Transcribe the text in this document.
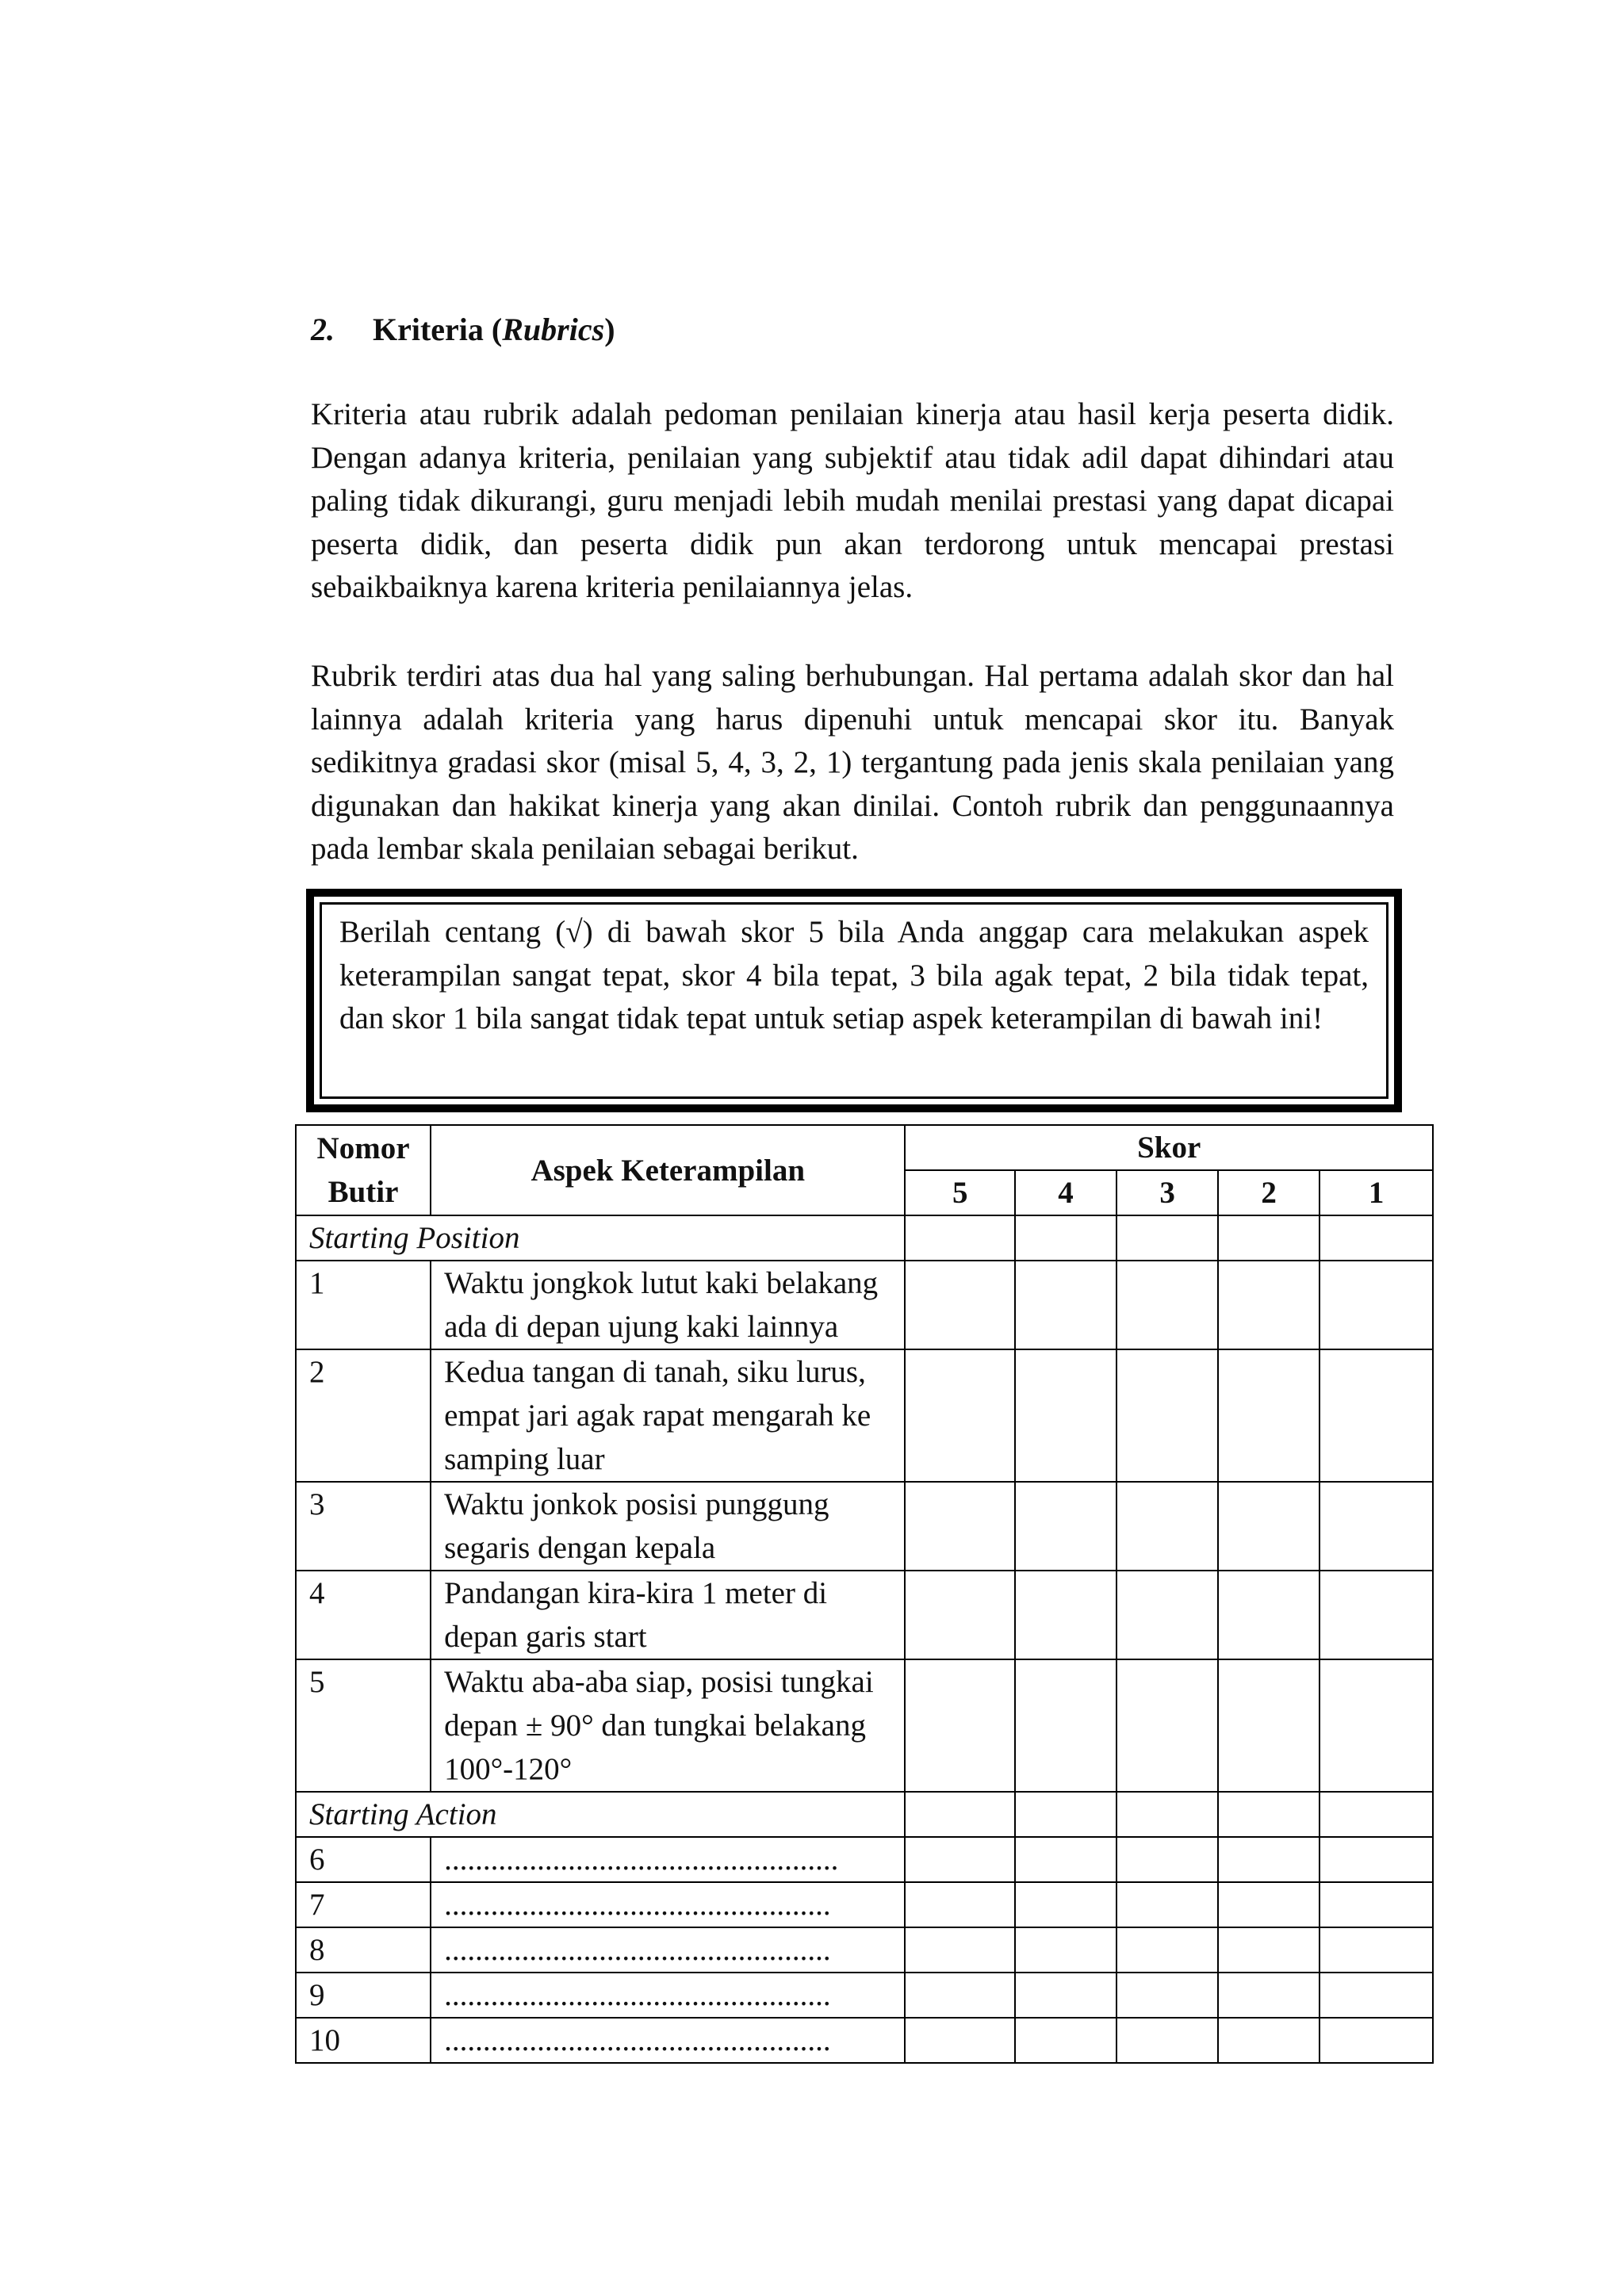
2. Kriteria (Rubrics)

Kriteria atau rubrik adalah pedoman penilaian kinerja atau hasil kerja peserta didik. Dengan adanya kriteria, penilaian yang subjektif atau tidak adil dapat dihindari atau paling tidak dikurangi, guru menjadi lebih mudah menilai prestasi yang dapat dicapai peserta didik, dan peserta didik pun akan terdorong untuk mencapai prestasi sebaikbaiknya karena kriteria penilaiannya jelas.

Rubrik terdiri atas dua hal yang saling berhubungan. Hal pertama adalah skor dan hal lainnya adalah kriteria yang harus dipenuhi untuk mencapai skor itu. Banyak sedikitnya gradasi skor (misal 5, 4, 3, 2, 1) tergantung pada jenis skala penilaian yang digunakan dan hakikat kinerja yang akan dinilai. Contoh rubrik dan penggunaannya pada lembar skala penilaian sebagai berikut.

Berilah centang (√) di bawah skor 5 bila Anda anggap cara melakukan aspek keterampilan sangat tepat, skor 4 bila tepat, 3 bila agak tepat, 2 bila tidak tepat, dan skor 1 bila sangat tidak tepat untuk setiap aspek keterampilan di bawah ini!

Nomor Butir	Aspek Keterampilan	Skor				
		5	4	3	2	1
Starting Position						
1	Waktu jongkok lutut kaki belakang ada di depan ujung kaki lainnya					
2	Kedua tangan di tanah, siku lurus, empat jari agak rapat mengarah ke samping luar					
3	Waktu jonkok posisi punggung segaris dengan kepala					
4	Pandangan kira-kira 1 meter di depan garis start					
5	Waktu aba-aba siap, posisi tungkai depan ± 90° dan tungkai belakang 100°-120°					
Starting Action						
6	...................................................					
7	..................................................					
8	..................................................					
9	..................................................					
10	..................................................					
